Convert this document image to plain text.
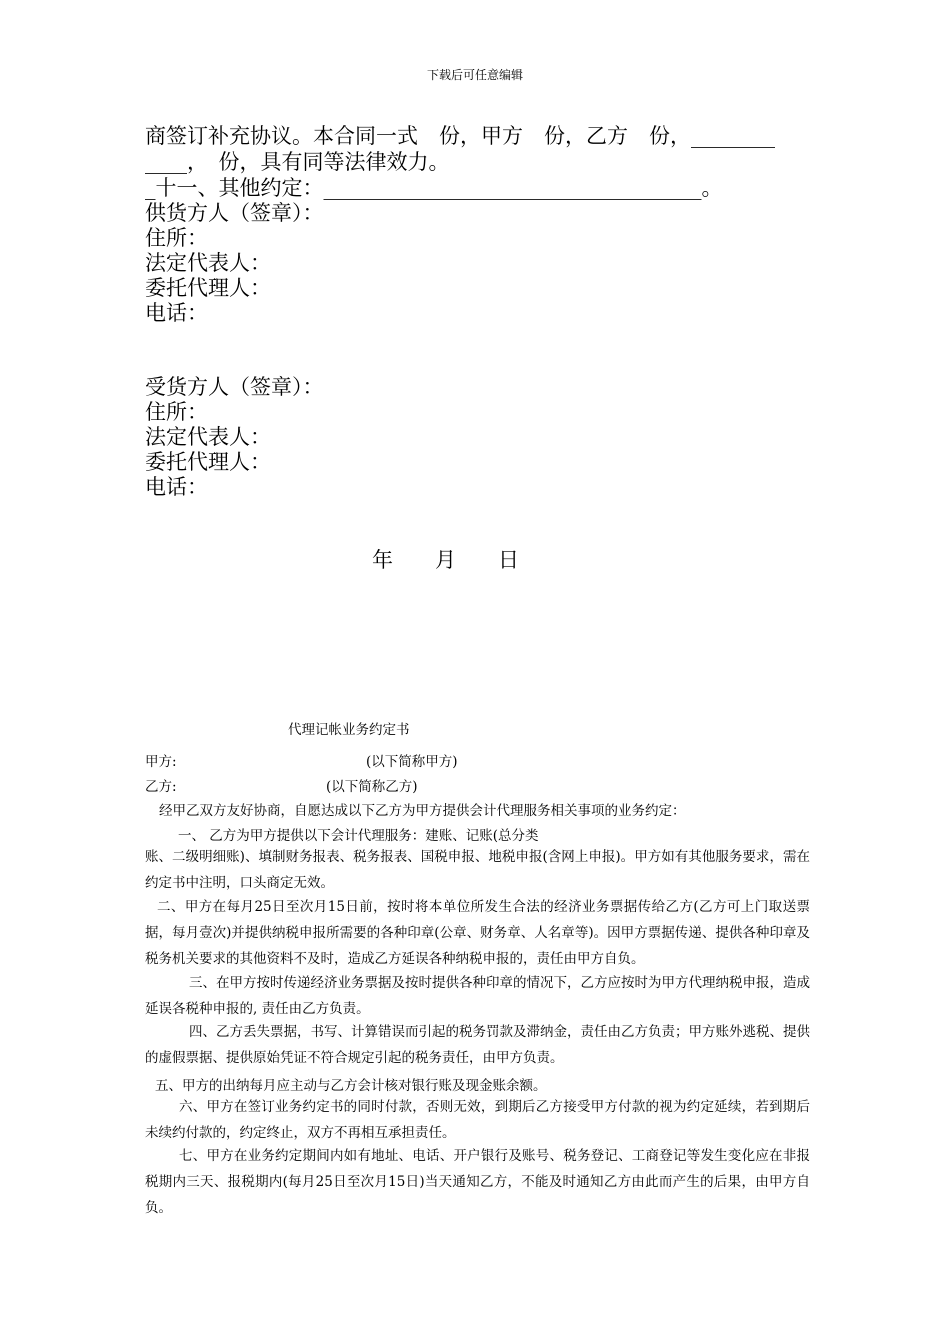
下载后可任意编辑
商签订补充协议。本合同一式　份，甲方　份，乙方　份，________
____，　份，具有同等法律效力。
_十一、其他约定：____________________________________。
供货方人（签章）：
住所：
法定代表人：
委托代理人：
电话：
受货方人（签章）：
住所：
法定代表人：
委托代理人：
电话：
年　　月　　日
代理记帐业务约定书
甲方:	(以下简称甲方)
乙方:	(以下简称乙方)
经甲乙双方友好协商，自愿达成以下乙方为甲方提供会计代理服务相关事项的业务约定：
一、 乙方为甲方提供以下会计代理服务：建账、记账(总分类
账、二级明细账)、填制财务报表、税务报表、国税申报、地税申报(含网上申报)。甲方如有其他服务要求，需在约定书中注明，口头商定无效。
二、甲方在每月25日至次月15日前，按时将本单位所发生合法的经济业务票据传给乙方(乙方可上门取送票据，每月壹次)并提供纳税申报所需要的各种印章(公章、财务章、人名章等)。因甲方票据传递、提供各种印章及税务机关要求的其他资料不及时，造成乙方延误各种纳税申报的，责任由甲方自负。
三、在甲方按时传递经济业务票据及按时提供各种印章的情况下，乙方应按时为甲方代理纳税申报，造成延误各税种申报的, 责任由乙方负责。
四、乙方丢失票据，书写、计算错误而引起的税务罚款及滞纳金，责任由乙方负责；甲方账外逃税、提供的虚假票据、提供原始凭证不符合规定引起的税务责任，由甲方负责。
五、甲方的出纳每月应主动与乙方会计核对银行账及现金账余额。
六、甲方在签订业务约定书的同时付款，否则无效，到期后乙方接受甲方付款的视为约定延续，若到期后未续约付款的，约定终止，双方不再相互承担责任。
七、甲方在业务约定期间内如有地址、电话、开户银行及账号、税务登记、工商登记等发生变化应在非报税期内三天、报税期内(每月25日至次月15日)当天通知乙方，不能及时通知乙方由此而产生的后果，由甲方自负。
